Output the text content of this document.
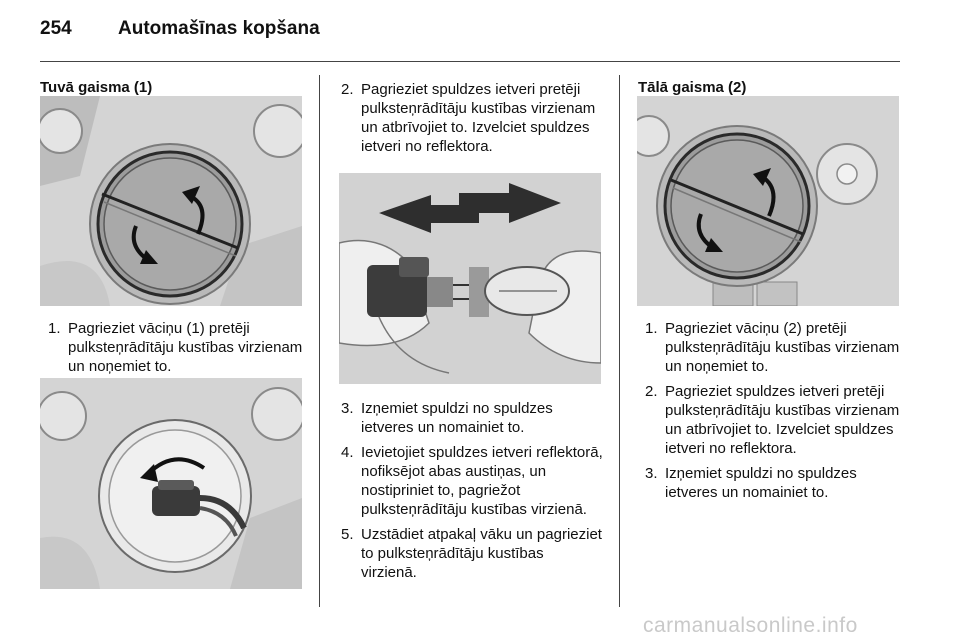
254 Automašīnas kopšana
Tuvā gaisma (1)
1. Pagrieziet vāciņu (1) pretēji pulksteņrādītāju kustības virzienam un noņemiet to.
2. Pagrieziet spuldzes ietveri pretēji pulksteņrādītāju kustības virzienam un atbrīvojiet to. Izvelciet spuldzes ietveri no reflektora.
3. Izņemiet spuldzi no spuldzes ietveres un nomainiet to.
4. Ievietojiet spuldzes ietveri reflektorā, nofiksējot abas austiņas, un nostipriniet to, pagriežot pulksteņrādītāju kustības virzienā.
5. Uzstādiet atpakaļ vāku un pagrieziet to pulksteņrādītāju kustības virzienā.
Tālā gaisma (2)
1. Pagrieziet vāciņu (2) pretēji pulksteņrādītāju kustības virzienam un noņemiet to.
2. Pagrieziet spuldzes ietveri pretēji pulksteņrādītāju kustības virzienam un atbrīvojiet to. Izvelciet spuldzes ietveri no reflektora.
3. Izņemiet spuldzi no spuldzes ietveres un nomainiet to.
carmanualsonline.info
